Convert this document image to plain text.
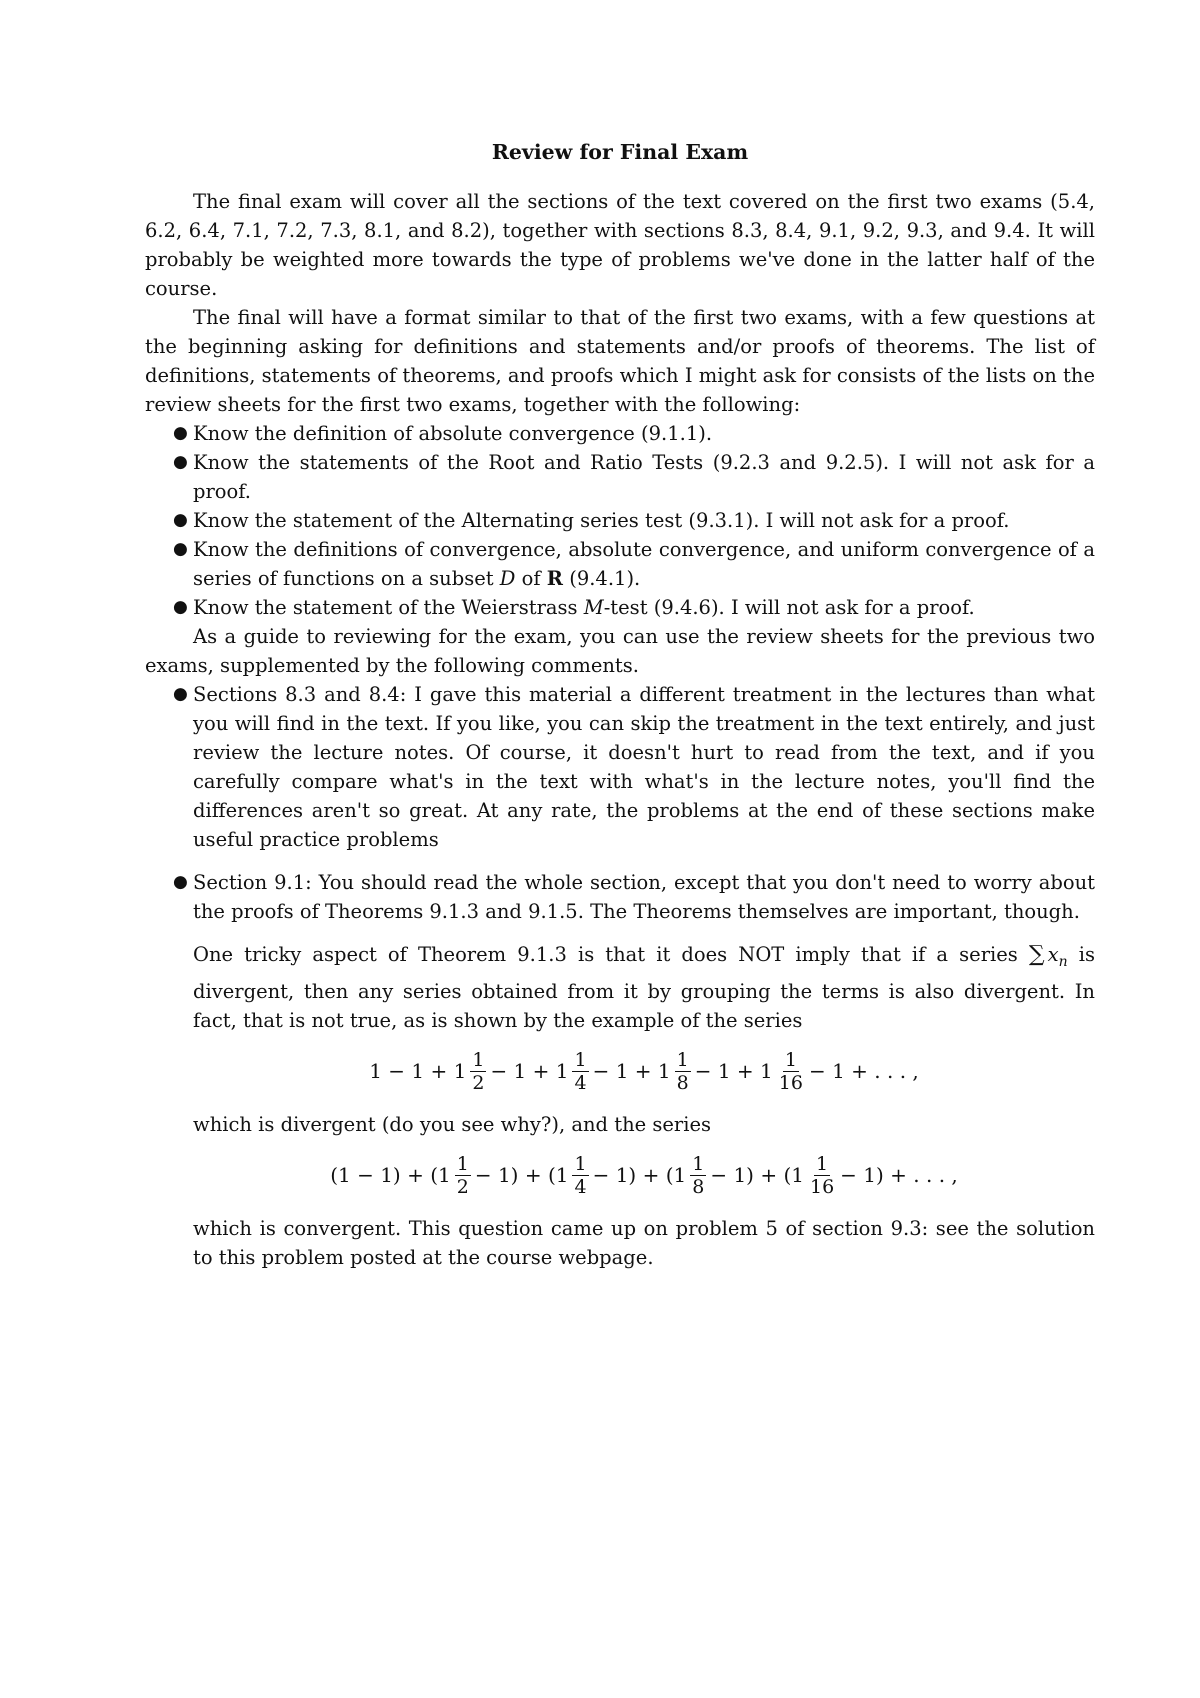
Review for Final Exam

The final exam will cover all the sections of the text covered on the first two exams (5.4, 6.2, 6.4, 7.1, 7.2, 7.3, 8.1, and 8.2), together with sections 8.3, 8.4, 9.1, 9.2, 9.3, and 9.4. It will probably be weighted more towards the type of problems we've done in the latter half of the course.

The final will have a format similar to that of the first two exams, with a few questions at the beginning asking for definitions and statements and/or proofs of theorems. The list of definitions, statements of theorems, and proofs which I might ask for consists of the lists on the review sheets for the first two exams, together with the following:

● Know the definition of absolute convergence (9.1.1).
● Know the statements of the Root and Ratio Tests (9.2.3 and 9.2.5). I will not ask for a proof.
● Know the statement of the Alternating series test (9.3.1). I will not ask for a proof.
● Know the definitions of convergence, absolute convergence, and uniform convergence of a series of functions on a subset D of R (9.4.1).
● Know the statement of the Weierstrass M-test (9.4.6). I will not ask for a proof.

As a guide to reviewing for the exam, you can use the review sheets for the previous two exams, supplemented by the following comments.

● Sections 8.3 and 8.4: I gave this material a different treatment in the lectures than what you will find in the text. If you like, you can skip the treatment in the text entirely, and just review the lecture notes. Of course, it doesn't hurt to read from the text, and if you carefully compare what's in the text with what's in the lecture notes, you'll find the differences aren't so great. At any rate, the problems at the end of these sections make useful practice problems

● Section 9.1: You should read the whole section, except that you don't need to worry about the proofs of Theorems 9.1.3 and 9.1.5. The Theorems themselves are important, though.

One tricky aspect of Theorem 9.1.3 is that it does NOT imply that if a series ∑ $x_n$ is divergent, then any series obtained from it by grouping the terms is also divergent. In fact, that is not true, as is shown by the example of the series

$1 - 1 + 1 \frac{1}{2} - 1 + 1 \frac{1}{4} - 1 + 1 \frac{1}{8} - 1 + 1 \frac{1}{16} - 1$ + . . . ,

which is divergent (do you see why?), and the series

$(1 - 1) + (1 \frac{1}{2} - 1) + (1 \frac{1}{4} - 1) + (1 \frac{1}{8} - 1) + (1 \frac{1}{16} - 1)$ + . . . ,

which is convergent. This question came up on problem 5 of section 9.3: see the solution to this problem posted at the course webpage.
